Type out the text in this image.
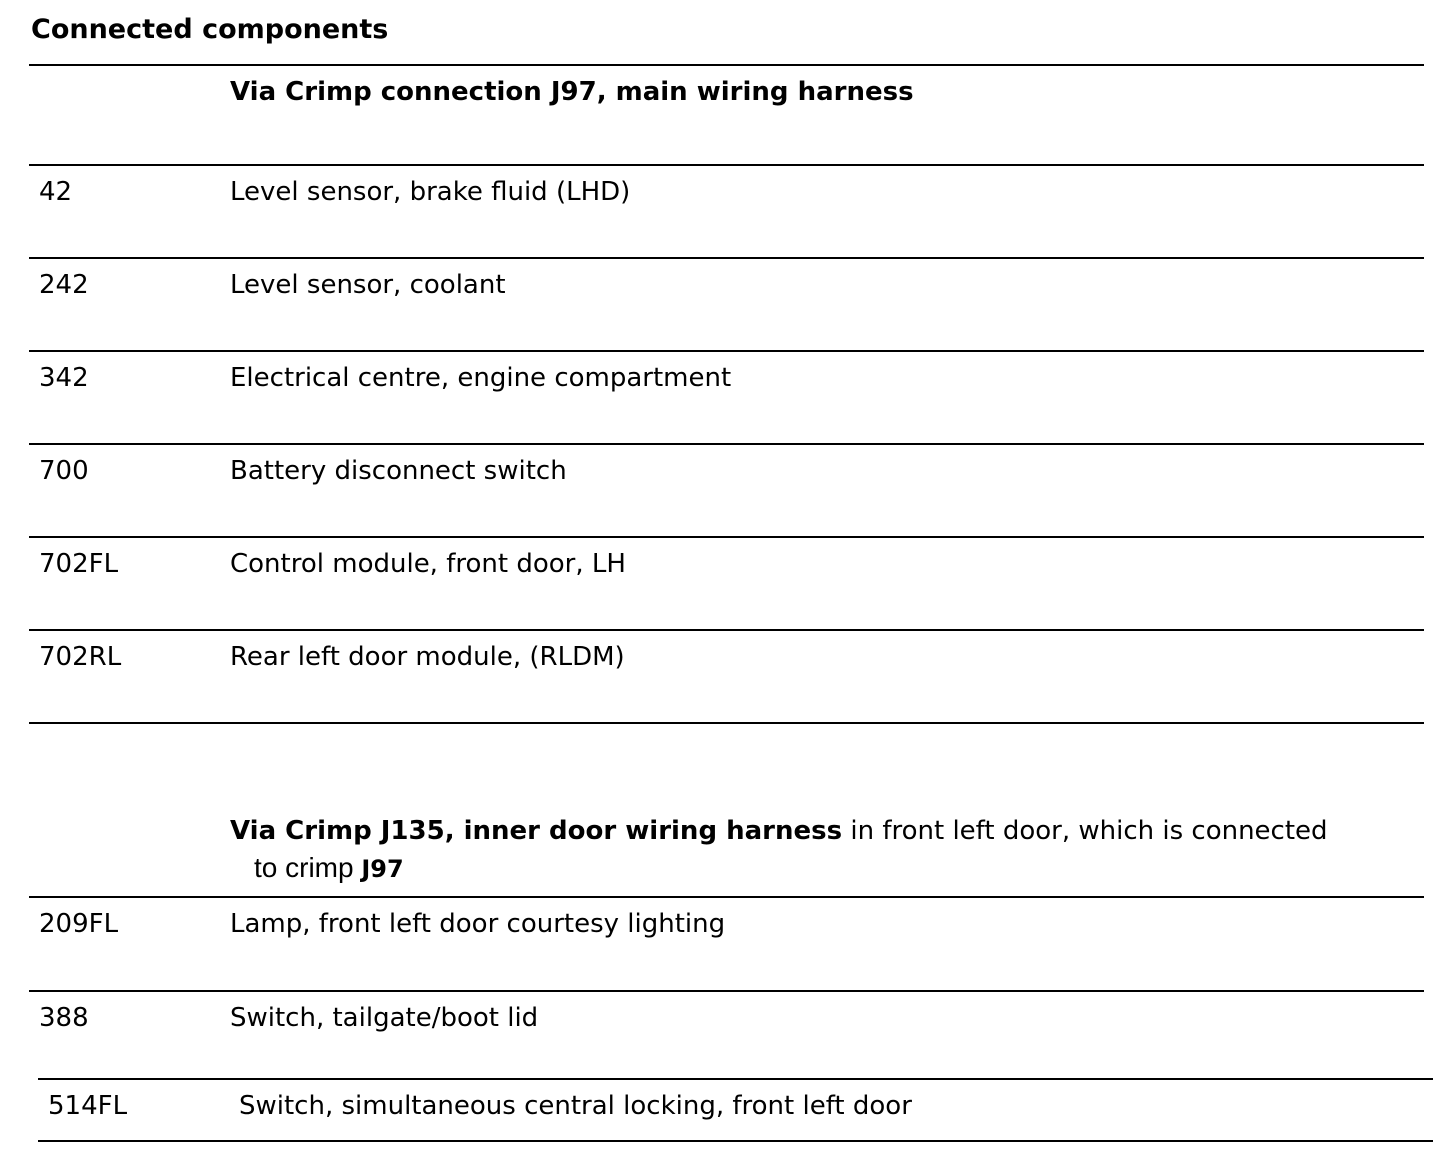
Connected components
Via Crimp connection J97, main wiring harness
42	Level sensor, brake fluid (LHD)
242	Level sensor, coolant
342	Electrical centre, engine compartment
700	Battery disconnect switch
702FL	Control module, front door, LH
702RL	Rear left door module, (RLDM)
Via Crimp J135, inner door wiring harness in front left door, which is connected
to crimp J97
209FL	Lamp, front left door courtesy lighting
388	Switch, tailgate/boot lid
514FL	Switch, simultaneous central locking, front left door
